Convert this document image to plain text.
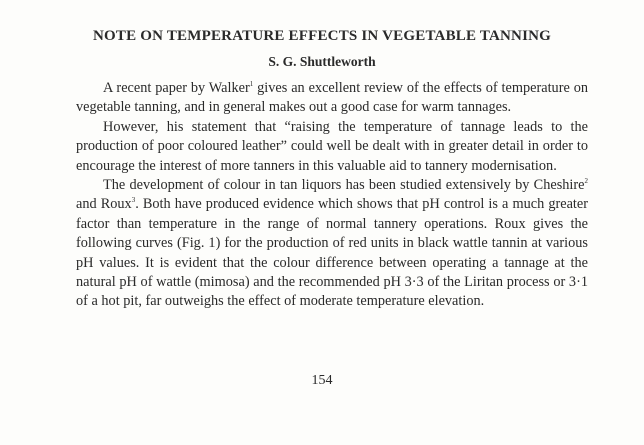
NOTE ON TEMPERATURE EFFECTS IN VEGETABLE TANNING
S. G. Shuttleworth

A recent paper by Walker$^1$ gives an excellent review of the effects of temperature on vegetable tanning, and in general makes out a good case for warm tannages.

However, his statement that “raising the temperature of tannage leads to the production of poor coloured leather” could well be dealt with in greater detail in order to encourage the interest of more tanners in this valuable aid to tannery modernisation.

The development of colour in tan liquors has been studied extensively by Cheshire$^2$ and Roux$^3$. Both have produced evidence which shows that pH control is a much greater factor than temperature in the range of normal tannery operations. Roux gives the following curves (Fig. 1) for the production of red units in black wattle tannin at various pH values. It is evident that the colour difference between operating a tannage at the natural pH of wattle (mimosa) and the recommended pH 3·3 of the Liritan process or 3·1 of a hot pit, far outweighs the effect of moderate temperature elevation.

154
